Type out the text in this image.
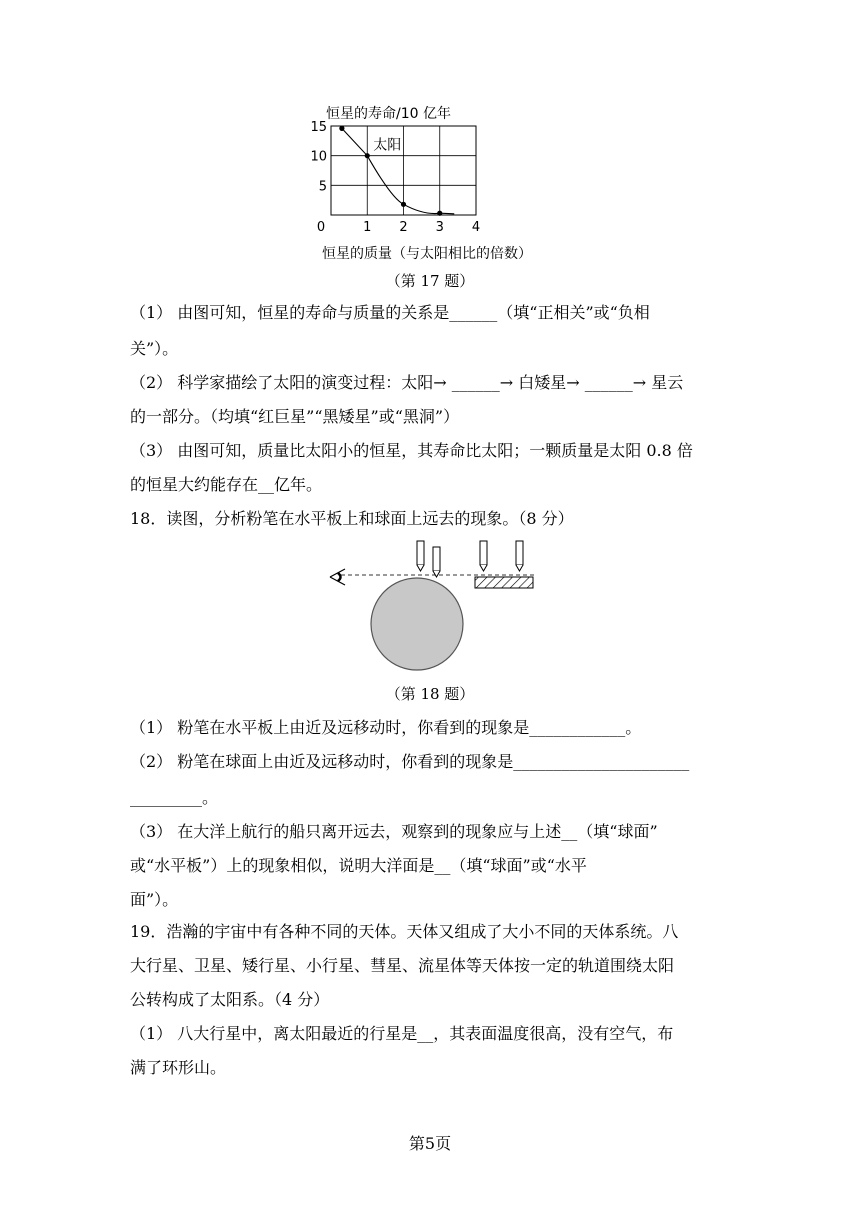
0	1 2 3 4
15
10
5
恒星的寿命/10 亿年
恒星的质量（与太阳相比的倍数）
太阳
（第 17 题）
（1） 由图可知，恒星的寿命与质量的关系是______（填“正相关”或“负相
关”）。
（2） 科学家描绘了太阳的演变过程：太阳→ ______→ 白矮星→ ______→ 星云
的一部分。（均填“红巨星”“黑矮星”或“黑洞”）
（3） 由图可知，质量比太阳小的恒星，其寿命比太阳；一颗质量是太阳 0.8 倍
的恒星大约能存在__亿年。
18．读图，分析粉笔在水平板上和球面上远去的现象。（8 分）
（第 18 题）
（1） 粉笔在水平板上由近及远移动时，你看到的现象是____________。
（2） 粉笔在球面上由近及远移动时，你看到的现象是______________________
_________。
（3） 在大洋上航行的船只离开远去，观察到的现象应与上述__（填“球面”
或“水平板”）上的现象相似，说明大洋面是__（填“球面”或“水平
面”）。
19．浩瀚的宇宙中有各种不同的天体。天体又组成了大小不同的天体系统。八
大行星、卫星、矮行星、小行星、彗星、流星体等天体按一定的轨道围绕太阳
公转构成了太阳系。（4 分）
（1） 八大行星中，离太阳最近的行星是__，其表面温度很高，没有空气，布
满了环形山。
第5页
